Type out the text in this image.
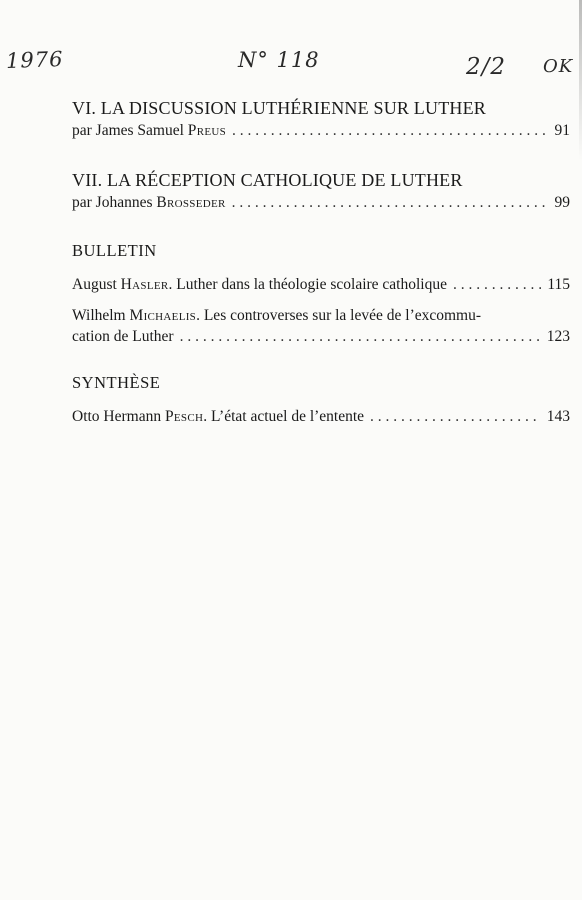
1976	N° 118	2/2 OK
VI. LA DISCUSSION LUTHÉRIENNE SUR LUTHER
par James Samuel Preus . . .	91
VII. LA RÉCEPTION CATHOLIQUE DE LUTHER
par Johannes Brosseder . . .	99
BULLETIN
August Hasler. Luther dans la théologie scolaire catholique . . .	115
Wilhelm Michaelis. Les controverses sur la levée de l’excommu-
cation de Luther . . .	123
SYNTHÈSE
Otto Hermann Pesch. L’état actuel de l’entente . . .	143
